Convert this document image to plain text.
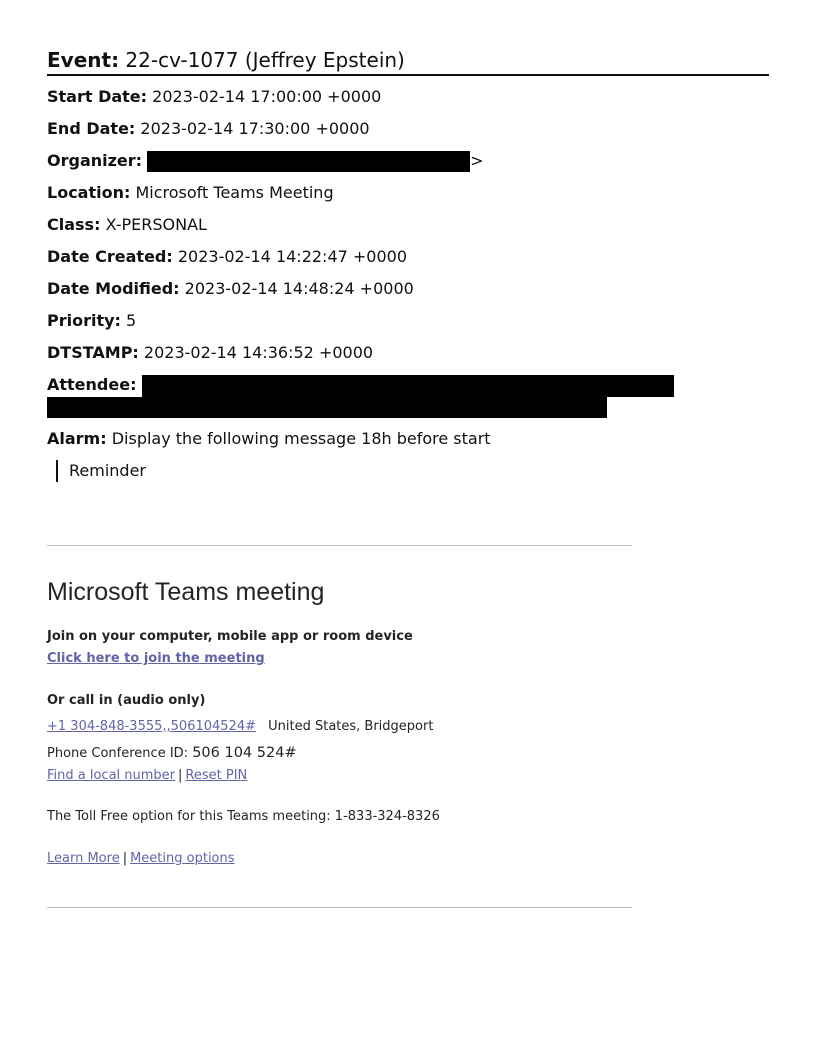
Event: 22-cv-1077 (Jeffrey Epstein)
Start Date: 2023-02-14 17:00:00 +0000
End Date: 2023-02-14 17:30:00 +0000
Organizer:	>
Location: Microsoft Teams Meeting
Class: X-PERSONAL
Date Created: 2023-02-14 14:22:47 +0000
Date Modified: 2023-02-14 14:48:24 +0000
Priority: 5
DTSTAMP: 2023-02-14 14:36:52 +0000
Attendee:
Alarm: Display the following message 18h before start
Reminder
Microsoft Teams meeting
Join on your computer, mobile app or room device
Click here to join the meeting
Or call in (audio only)
+1 304-848-3555,,506104524# United States, Bridgeport
Phone Conference ID: 506 104 524#
Find a local number | Reset PIN
The Toll Free option for this Teams meeting: 1-833-324-8326
Learn More | Meeting options
